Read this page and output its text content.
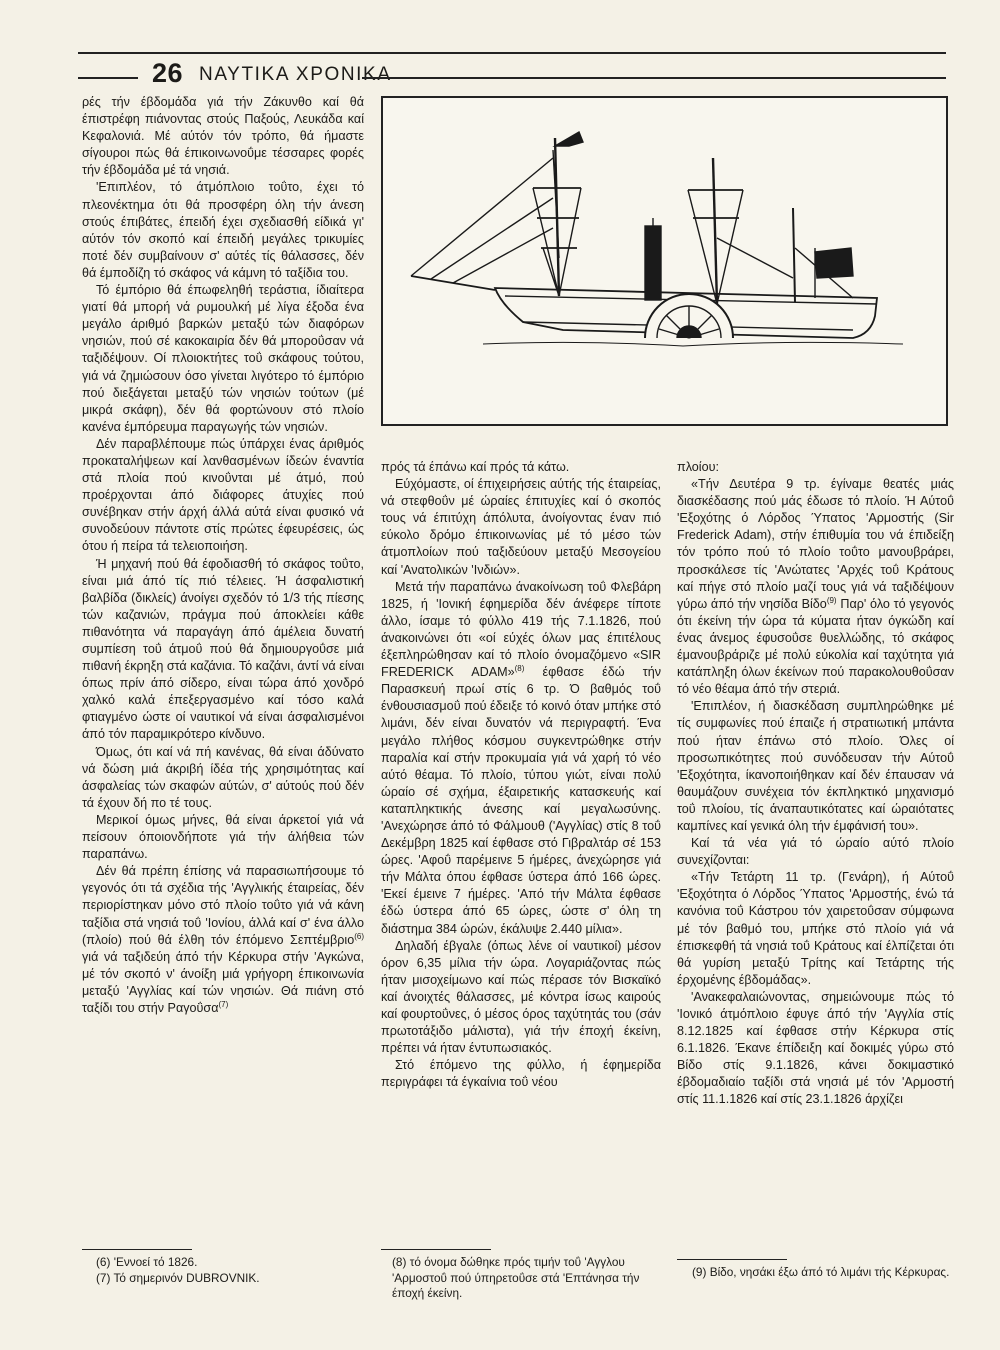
26 ΝΑΥΤΙΚΑ ΧΡΟΝΙΚΑ

ρές τήν έβδομάδα γιά τήν Ζάκυνθο καί θά έπιστρέφη πιάνοντας στούς Παξούς, Λευκάδα καί Κεφαλονιά. Μέ αύτόν τόν τρόπο, θά ήμαστε σίγουροι πώς θά έπικοινωνοΰμε τέσσαρες φορές τήν έβδομάδα μέ τά νησιά.

'Επιπλέον, τό άτμόπλοιο τοΰτο, έχει τό πλεονέκτημα ότι θά προσφέρη όλη τήν άνεση στούς έπιβάτες, έπειδή έχει σχεδιασθή είδικά γι' αύτόν τόν σκοπό καί έπειδή μεγάλες τρικυμίες ποτέ δέν συμβαίνουν σ' αύτές τίς θάλασσες, δέν θά έμποδίζη τό σκάφος νά κάμνη τό ταξίδια του.

Τό έμπόριο θά έπωφεληθή τεράστια, ίδιαίτερα γιατί θά μπορή νά ρυμουλκή μέ λίγα έξοδα ένα μεγάλο άριθμό βαρκών μεταξύ τών διαφόρων νησιών, πού σέ κακοκαιρία δέν θά μποροΰσαν νά ταξιδέψουν. Οί πλοιοκτήτες τοΰ σκάφους τούτου, γιά νά ζημιώσουν όσο γίνεται λιγότερο τό έμπόριο πού διεξάγεται μεταξύ τών νησιών τούτων (μέ μικρά σκάφη), δέν θά φορτώνουν στό πλοίο κανένα έμπόρευμα παραγωγής τών νησιών.

Δέν παραβλέπουμε πώς ύπάρχει ένας άριθμός προκαταλήψεων καί λανθασμένων ίδεών έναντία στά πλοία πού κινοΰνται μέ άτμό, πού προέρχονται άπό διάφορες άτυχίες πού συνέβηκαν στήν άρχή άλλά αύτά είναι φυσικό νά συνοδεύουν πάντοτε στίς πρώτες έφευρέσεις, ώς ότου ή πείρα τά τελειοποιήση.

Ή μηχανή πού θά έφοδιασθή τό σκάφος τοΰτο, είναι μιά άπό τίς πιό τέλειες. Ή άσφαλιστική βαλβίδα (δικλείς) άνοίγει σχεδόν τό 1/3 τής πίεσης τών καζανιών, πράγμα πού άποκλείει κάθε πιθανότητα νά παραγάγη άπό άμέλεια δυνατή συμπίεση τοΰ άτμοΰ πού θά δημιουργοΰσε μιά πιθανή έκρηξη στά καζάνια. Τό καζάνι, άντί νά είναι όπως πρίν άπό σίδερο, είναι τώρα άπό χονδρό χαλκό καλά έπεξεργασμένο καί τόσο καλά φτιαγμένο ώστε οί ναυτικοί νά είναι άσφαλισμένοι άπό τόν παραμικρότερο κίνδυνο.

Όμως, ότι καί νά πή κανένας, θά είναι άδύνατο νά δώση μιά άκριβή ίδέα τής χρησιμότητας καί άσφαλείας τών σκαφών αύτών, σ' αύτούς πού δέν τά έχουν δή πο τέ τους.

Μερικοί όμως μήνες, θά είναι άρκετοί γιά νά πείσουν όποιονδήποτε γιά τήν άλήθεια τών παραπάνω.

Δέν θά πρέπη έπίσης νά παρασιωπήσουμε τό γεγονός ότι τά σχέδια τής 'Αγγλικής έταιρείας, δέν περιορίστηκαν μόνο στό πλοίο τοΰτο γιά νά κάνη ταξίδια στά νησιά τοΰ 'Ιονίου, άλλά καί σ' ένα άλλο (πλοίο) πού θά έλθη τόν έπόμενο Σεπτέμβριο$^{(6)}$ γιά νά ταξιδεύη άπό τήν Κέρκυρα στήν 'Αγκώνα, μέ τόν σκοπό ν' άνοίξη μιά γρήγορη έπικοινωνία μεταξύ 'Αγγλίας καί τών νησιών. Θά πιάνη στό ταξίδι του στήν Ραγοΰσα$^{(7)}$

(6) 'Εννοεί τό 1826.
(7) Τό σημερινόν DUBROVNIK.

πρός τά έπάνω καί πρός τά κάτω.

Εύχόμαστε, οί έπιχειρήσεις αύτής τής έταιρείας, νά στεφθοΰν μέ ώραίες έπιτυχίες καί ό σκοπός τους νά έπιτύχη άπόλυτα, άνοίγοντας έναν πιό εύκολο δρόμο έπικοινωνίας μέ τό μέσο τών άτμοπλοίων πού ταξιδεύουν μεταξύ Μεσογείου καί 'Ανατολικών 'Ινδιών».

Μετά τήν παραπάνω άνακοίνωση τοΰ Φλεβάρη 1825, ή 'Ιονική έφημερίδα δέν άνέφερε τίποτε άλλο, ίσαμε τό φύλλο 419 τής 7.1.1826, πού άνακοινώνει ότι «οί εύχές όλων μας έπιτέλους έξεπληρώθησαν καί τό πλοίο όνομαζόμενο «SIR FREDERICK ADAM»$^{(8)}$ έφθασε έδώ τήν Παρασκευή πρωί στίς 6 τρ. Ό βαθμός τοΰ ένθουσιασμοΰ πού έδειξε τό κοινό όταν μπήκε στό λιμάνι, δέν είναι δυνατόν νά περιγραφτή. Ένα μεγάλο πλήθος κόσμου συγκεντρώθηκε στήν παραλία καί στήν προκυμαία γιά νά χαρή τό νέο αύτό θέαμα. Τό πλοίο, τύπου γιώτ, είναι πολύ ώραίο σέ σχήμα, έξαιρετικής κατασκευής καί καταπληκτικής άνεσης καί μεγαλωσύνης. 'Ανεχώρησε άπό τό Φάλμουθ ('Αγγλίας) στίς 8 τοΰ Δεκέμβρη 1825 καί έφθασε στό Γιβραλτάρ σέ 153 ώρες. 'Αφοΰ παρέμεινε 5 ήμέρες, άνεχώρησε γιά τήν Μάλτα όπου έφθασε ύστερα άπό 166 ώρες. 'Εκεί έμεινε 7 ήμέρες. 'Από τήν Μάλτα έφθασε έδώ ύστερα άπό 65 ώρες, ώστε σ' όλη τη διάστημα 384 ώρών, έκάλυψε 2.440 μίλια».

Δηλαδή έβγαλε (όπως λένε οί ναυτικοί) μέσον όρον 6,35 μίλια τήν ώρα. Λογαριάζοντας πώς ήταν μισοχείμωνο καί πώς πέρασε τόν Βισκαϊκό καί άνοιχτές θάλασσες, μέ κόντρα ίσως καιρούς καί φουρτοΰνες, ό μέσος όρος ταχύτητάς του (σάν πρωτοτάξιδο μάλιστα), γιά τήν έποχή έκείνη, πρέπει νά ήταν έντυπωσιακός.

Στό έπόμενο της φύλλο, ή έφημερίδα περιγράφει τά έγκαίνια τοΰ νέου

(8) τό όνομα δώθηκε πρός τιμήν τοΰ 'Αγγλου 'Αρμοστοΰ πού ύπηρετοΰσε στά 'Επτάνησα τήν έποχή έκείνη.

πλοίου:

«Τήν Δευτέρα 9 τρ. έγίναμε θεατές μιάς διασκέδασης πού μάς έδωσε τό πλοίο. Ή Αύτοΰ 'Εξοχότης ό Λόρδος Ύπατος 'Αρμοστής (Sir Frederick Adam), στήν έπιθυμία του νά έπιδείξη τόν τρόπο πού τό πλοίο τοΰτο μανουβράρει, προσκάλεσε τίς 'Ανώτατες 'Αρχές τοΰ Κράτους καί πήγε στό πλοίο μαζί τους γιά νά ταξιδέψουν γύρω άπό τήν νησίδα Βίδο$^{(9)}$ Παρ' όλο τό γεγονός ότι έκείνη τήν ώρα τά κύματα ήταν όγκώδη καί ένας άνεμος έφυσοΰσε θυελλώδης, τό σκάφος έμανουβράριζε μέ πολύ εύκολία καί ταχύτητα γιά κατάπληξη όλων έκείνων πού παρακολουθοΰσαν τό νέο θέαμα άπό τήν στεριά.

'Επιπλέον, ή διασκέδαση συμπληρώθηκε μέ τίς συμφωνίες πού έπαιζε ή στρατιωτική μπάντα πού ήταν έπάνω στό πλοίο. Όλες οί προσωπικότητες πού συνόδευσαν τήν Αύτοΰ 'Εξοχότητα, ίκανοποιήθηκαν καί δέν έπαυσαν νά θαυμάζουν συνέχεια τόν έκπληκτικό μηχανισμό τοΰ πλοίου, τίς άναπαυτικότατες καί ώραιότατες καμπίνες καί γενικά όλη τήν έμφάνισή του».

Καί τά νέα γιά τό ώραίο αύτό πλοίο συνεχίζονται:

«Τήν Τετάρτη 11 τρ. (Γενάρη), ή Αύτοΰ 'Εξοχότητα ό Λόρδος Ύπατος 'Αρμοστής, ένώ τά κανόνια τοΰ Κάστρου τόν χαιρετοΰσαν σύμφωνα μέ τόν βαθμό του, μπήκε στό πλοίο γιά νά έπισκεφθή τά νησιά τοΰ Κράτους καί έλπίζεται ότι θά γυρίση μεταξύ Τρίτης καί Τετάρτης τής έρχομένης έβδομάδας».

'Ανακεφαλαιώνοντας, σημειώνουμε πώς τό 'Ιονικό άτμόπλοιο έφυγε άπό τήν 'Αγγλία στίς 8.12.1825 καί έφθασε στήν Κέρκυρα στίς 6.1.1826. Έκανε έπίδειξη καί δοκιμές γύρω στό Βίδο στίς 9.1.1826, κάνει δοκιμαστικό έβδομαδιαίο ταξίδι στά νησιά μέ τόν 'Αρμοστή στίς 11.1.1826 καί στίς 23.1.1826 άρχίζει

(9) Βίδο, νησάκι έξω άπό τό λιμάνι τής Κέρκυρας.
